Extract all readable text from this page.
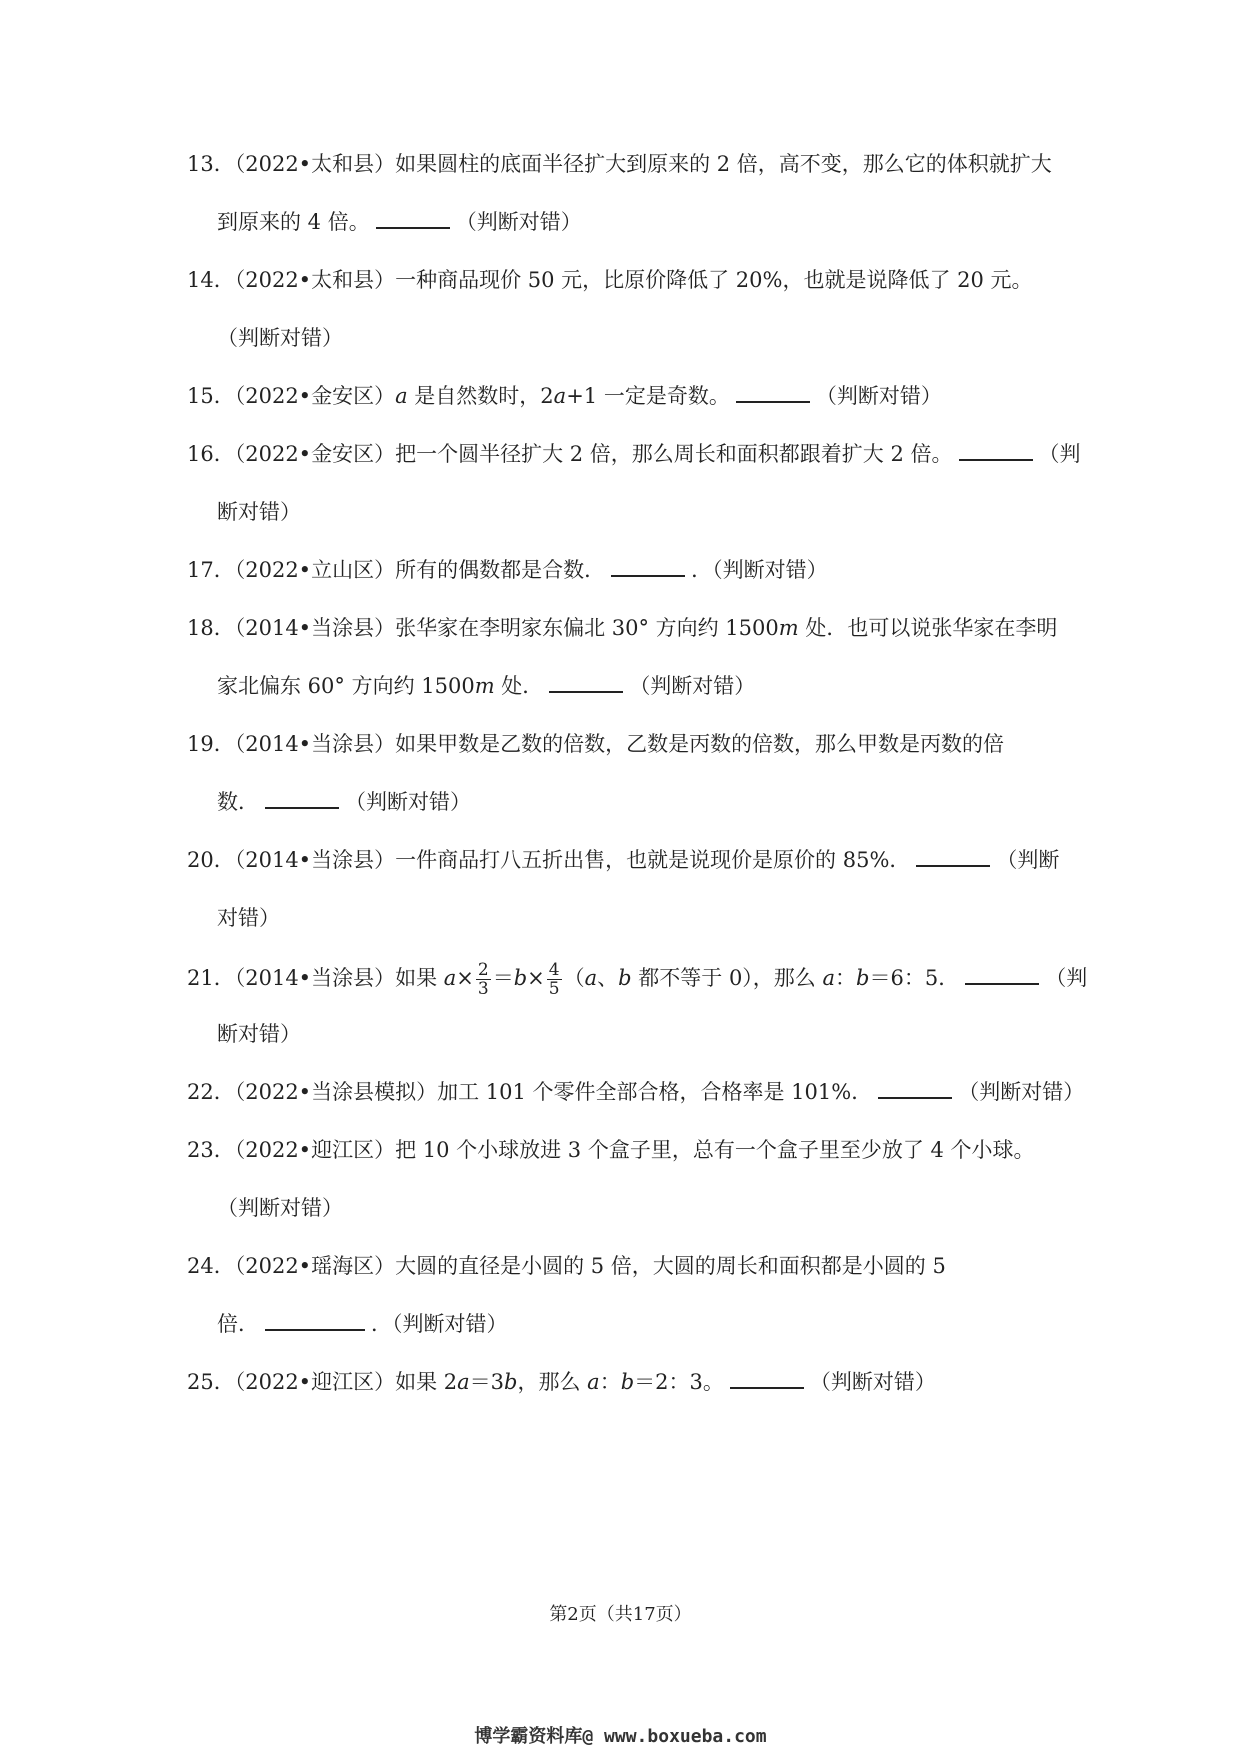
13．（2022•太和县）如果圆柱的底面半径扩大到原来的 2 倍，高不变，那么它的体积就扩大
到原来的 4 倍。	（判断对错）
14．（2022•太和县）一种商品现价 50 元，比原价降低了 20%，也就是说降低了 20 元。
（判断对错）
15．（2022•金安区）a 是自然数时，2a+1 一定是奇数。	（判断对错）
16．（2022•金安区）把一个圆半径扩大 2 倍，那么周长和面积都跟着扩大 2 倍。	（判
断对错）
17．（2022•立山区）所有的偶数都是合数．	．（判断对错）
18．（2014•当涂县）张华家在李明家东偏北 30° 方向约 1500m 处．也可以说张华家在李明
家北偏东 60° 方向约 1500m 处．	（判断对错）
19．（2014•当涂县）如果甲数是乙数的倍数，乙数是丙数的倍数，那么甲数是丙数的倍
数．	（判断对错）
20．（2014•当涂县）一件商品打八五折出售，也就是说现价是原价的 85%．	（判断
对错）
21．（2014•当涂县）如果 $a\times \frac{2}{3} =b\times \frac{4}{5} (a$、b 都不等于 0），那么 a：b＝6：5．	（判
断对错）
22．（2022•当涂县模拟）加工 101 个零件全部合格，合格率是 101%．	（判断对错）
23．（2022•迎江区）把 10 个小球放进 3 个盒子里，总有一个盒子里至少放了 4 个小球。
（判断对错）
24．（2022•瑶海区）大圆的直径是小圆的 5 倍，大圆的周长和面积都是小圆的 5
倍．	．（判断对错）
25．（2022•迎江区）如果 2a＝3b，那么 a：b＝2：3。	（判断对错）
第2页（共17页）
博学霸资料库@ www.boxueba.com
